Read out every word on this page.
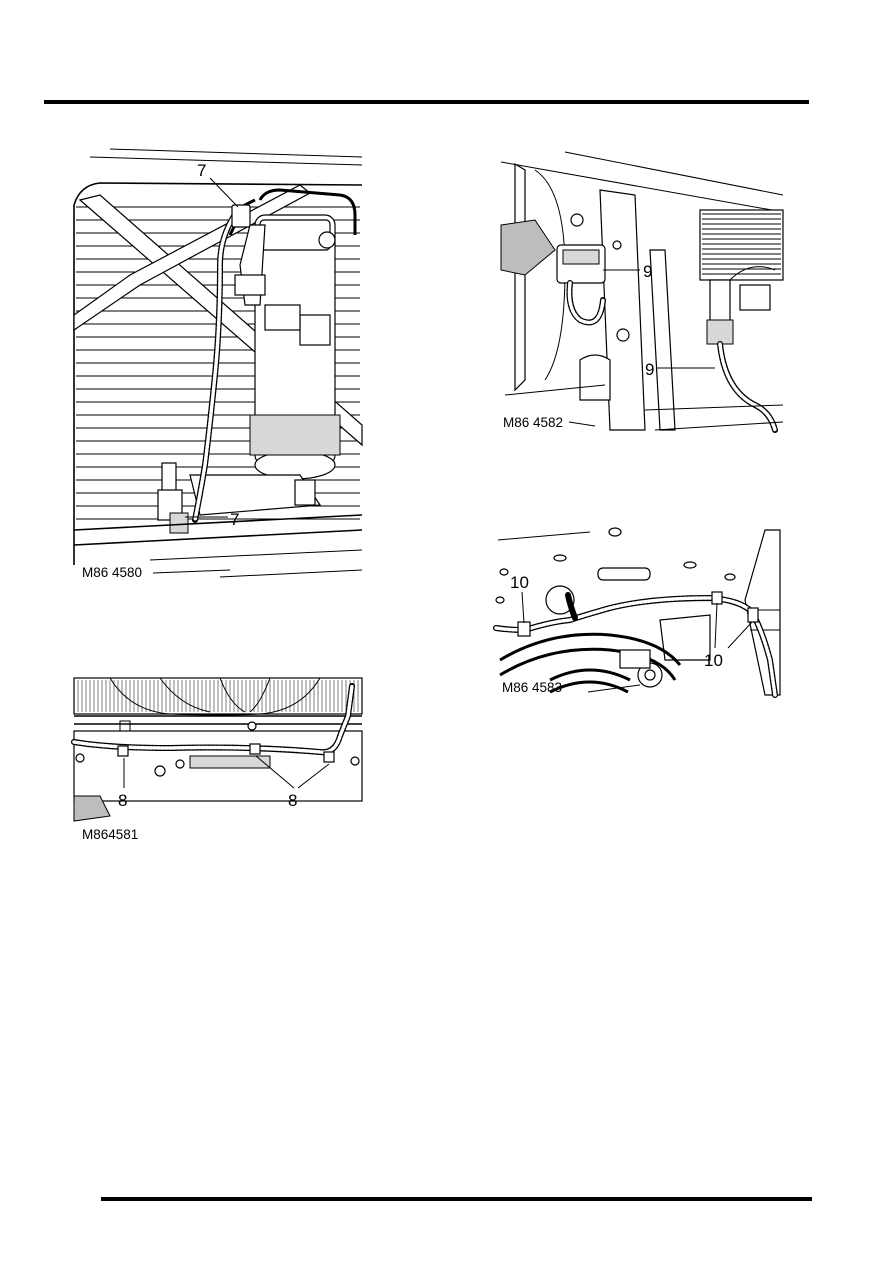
7
7
M86 4580
8	8
M864581
9
9
M86 4582
10
10
M86 4583
